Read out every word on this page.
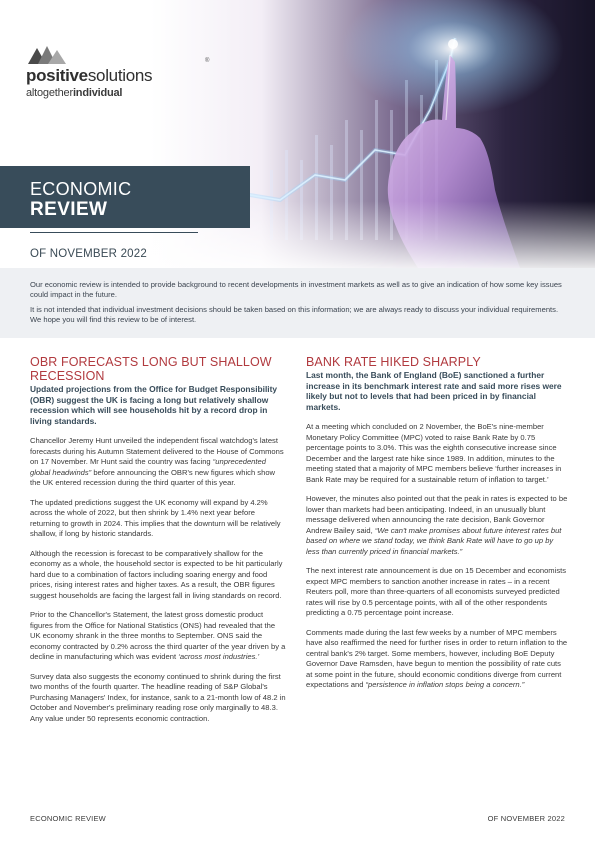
positivesolutions
®
altogetherindividual
ECONOMIC
REVIEW
OF NOVEMBER 2022

Our economic review is intended to provide background to recent developments in investment markets as well as to give an indication of how some key issues could impact in the future.

It is not intended that individual investment decisions should be taken based on this information; we are always ready to discuss your individual requirements. We hope you will find this review to be of interest.

OBR FORECASTS LONG BUT SHALLOW RECESSION
Updated projections from the Office for Budget Responsibility (OBR) suggest the UK is facing a long but relatively shallow recession which will see households hit by a record drop in living standards.

Chancellor Jeremy Hunt unveiled the independent fiscal watchdog's latest forecasts during his Autumn Statement delivered to the House of Commons on 17 November. Mr Hunt said the country was facing “unprecedented global headwinds” before announcing the OBR's new figures which show the UK entered recession during the third quarter of this year.

The updated predictions suggest the UK economy will expand by 4.2% across the whole of 2022, but then shrink by 1.4% next year before returning to growth in 2024. This implies that the downturn will be relatively shallow, if long by historic standards.

Although the recession is forecast to be comparatively shallow for the economy as a whole, the household sector is expected to be hit particularly hard due to a combination of factors including soaring energy and food prices, rising interest rates and higher taxes. As a result, the OBR figures suggest households are facing the largest fall in living standards on record.

Prior to the Chancellor's Statement, the latest gross domestic product figures from the Office for National Statistics (ONS) had revealed that the UK economy shrank in the three months to September. ONS said the economy contracted by 0.2% across the third quarter of the year driven by a decline in manufacturing which was evident ‘across most industries.’

Survey data also suggests the economy continued to shrink during the first two months of the fourth quarter. The headline reading of S&P Global's Purchasing Managers' Index, for instance, sank to a 21-month low of 48.2 in October and November's preliminary reading rose only marginally to 48.3. Any value under 50 represents economic contraction.

BANK RATE HIKED SHARPLY
Last month, the Bank of England (BoE) sanctioned a further increase in its benchmark interest rate and said more rises were likely but not to levels that had been priced in by financial markets.

At a meeting which concluded on 2 November, the BoE's nine-member Monetary Policy Committee (MPC) voted to raise Bank Rate by 0.75 percentage points to 3.0%. This was the eighth consecutive increase since December and the largest rate hike since 1989. In addition, minutes to the meeting stated that a majority of MPC members believe ‘further increases in Bank Rate may be required for a sustainable return of inflation to target.’

However, the minutes also pointed out that the peak in rates is expected to be lower than markets had been anticipating. Indeed, in an unusually blunt message delivered when announcing the rate decision, Bank Governor Andrew Bailey said, “We can't make promises about future interest rates but based on where we stand today, we think Bank Rate will have to go up by less than currently priced in financial markets.”

The next interest rate announcement is due on 15 December and economists expect MPC members to sanction another increase in rates – in a recent Reuters poll, more than three-quarters of all economists surveyed predicted rates will rise by 0.5 percentage points, with all of the other respondents predicting a 0.75 percentage point increase.

Comments made during the last few weeks by a number of MPC members have also reaffirmed the need for further rises in order to return inflation to the central bank's 2% target. Some members, however, including BoE Deputy Governor Dave Ramsden, have begun to mention the possibility of rate cuts at some point in the future, should economic conditions diverge from current expectations and “persistence in inflation stops being a concern.”

ECONOMIC REVIEW	OF NOVEMBER 2022
